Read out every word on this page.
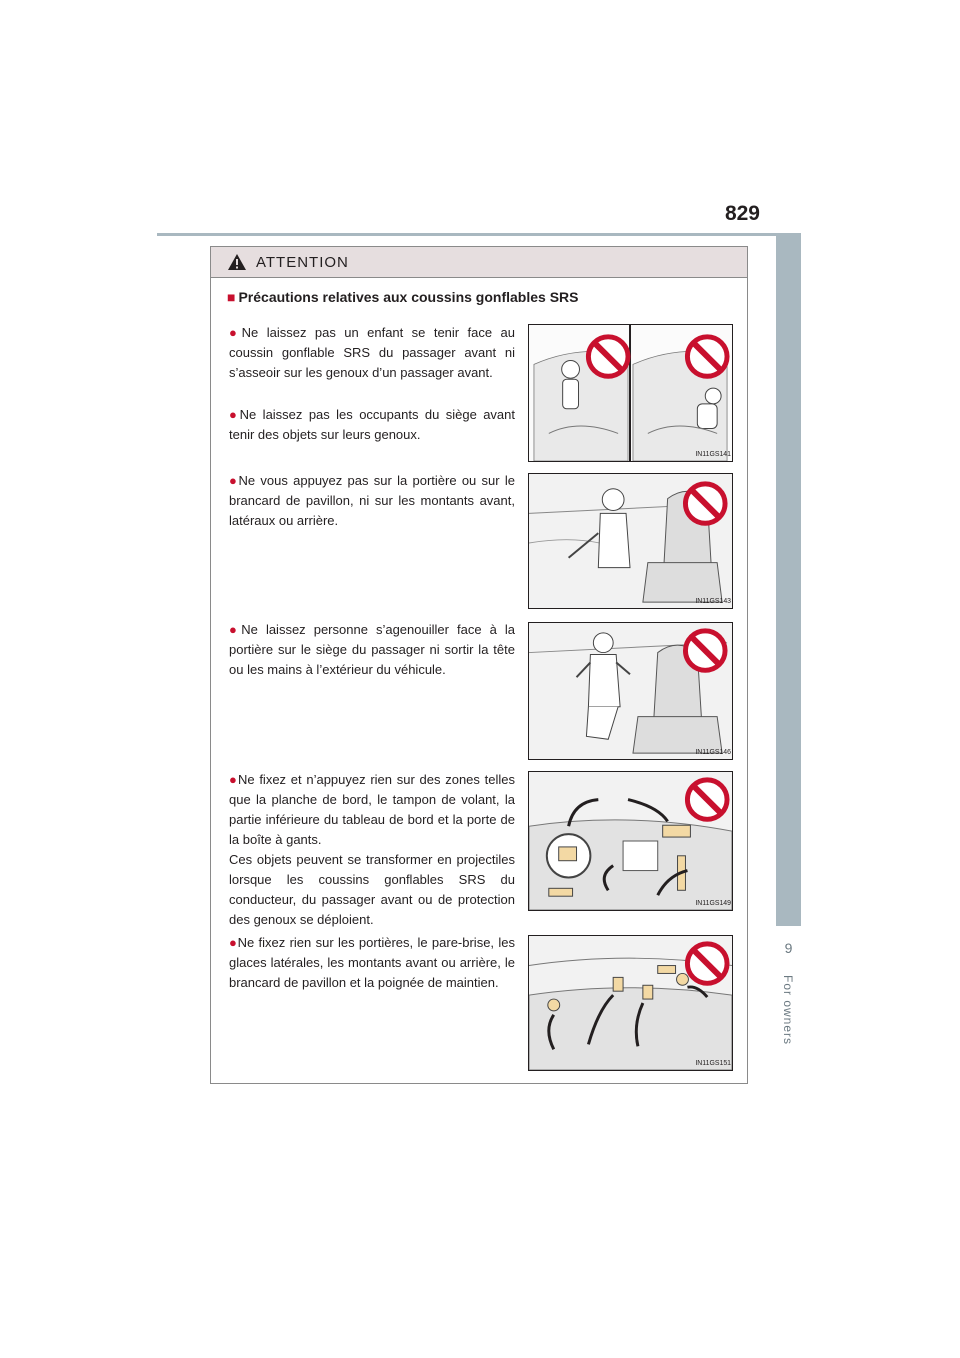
829
9
For owners
ATTENTION
■ Précautions relatives aux coussins gonflables SRS

●Ne laissez pas un enfant se tenir face au coussin gonflable SRS du passager avant ni s’asseoir sur les genoux d’un passager avant.

●Ne laissez pas les occupants du siège avant tenir des objets sur leurs genoux.

●Ne vous appuyez pas sur la portière ou sur le brancard de pavillon, ni sur les montants avant, latéraux ou arrière.

●Ne laissez personne s’agenouiller face à la portière sur le siège du passager ni sortir la tête ou les mains à l’extérieur du véhicule.

●Ne fixez et n’appuyez rien sur des zones telles que la planche de bord, le tampon de volant, la partie inférieure du tableau de bord et la porte de la boîte à gants.

Ces objets peuvent se transformer en projectiles lorsque les coussins gonflables SRS du conducteur, du passager avant ou de protection des genoux se déploient.

●Ne fixez rien sur les portières, le pare-brise, les glaces latérales, les montants avant ou arrière, le brancard de pavillon et la poignée de maintien.

IN11GS141
IN11GS143
IN11GS146
IN11GS149
IN11GS151
